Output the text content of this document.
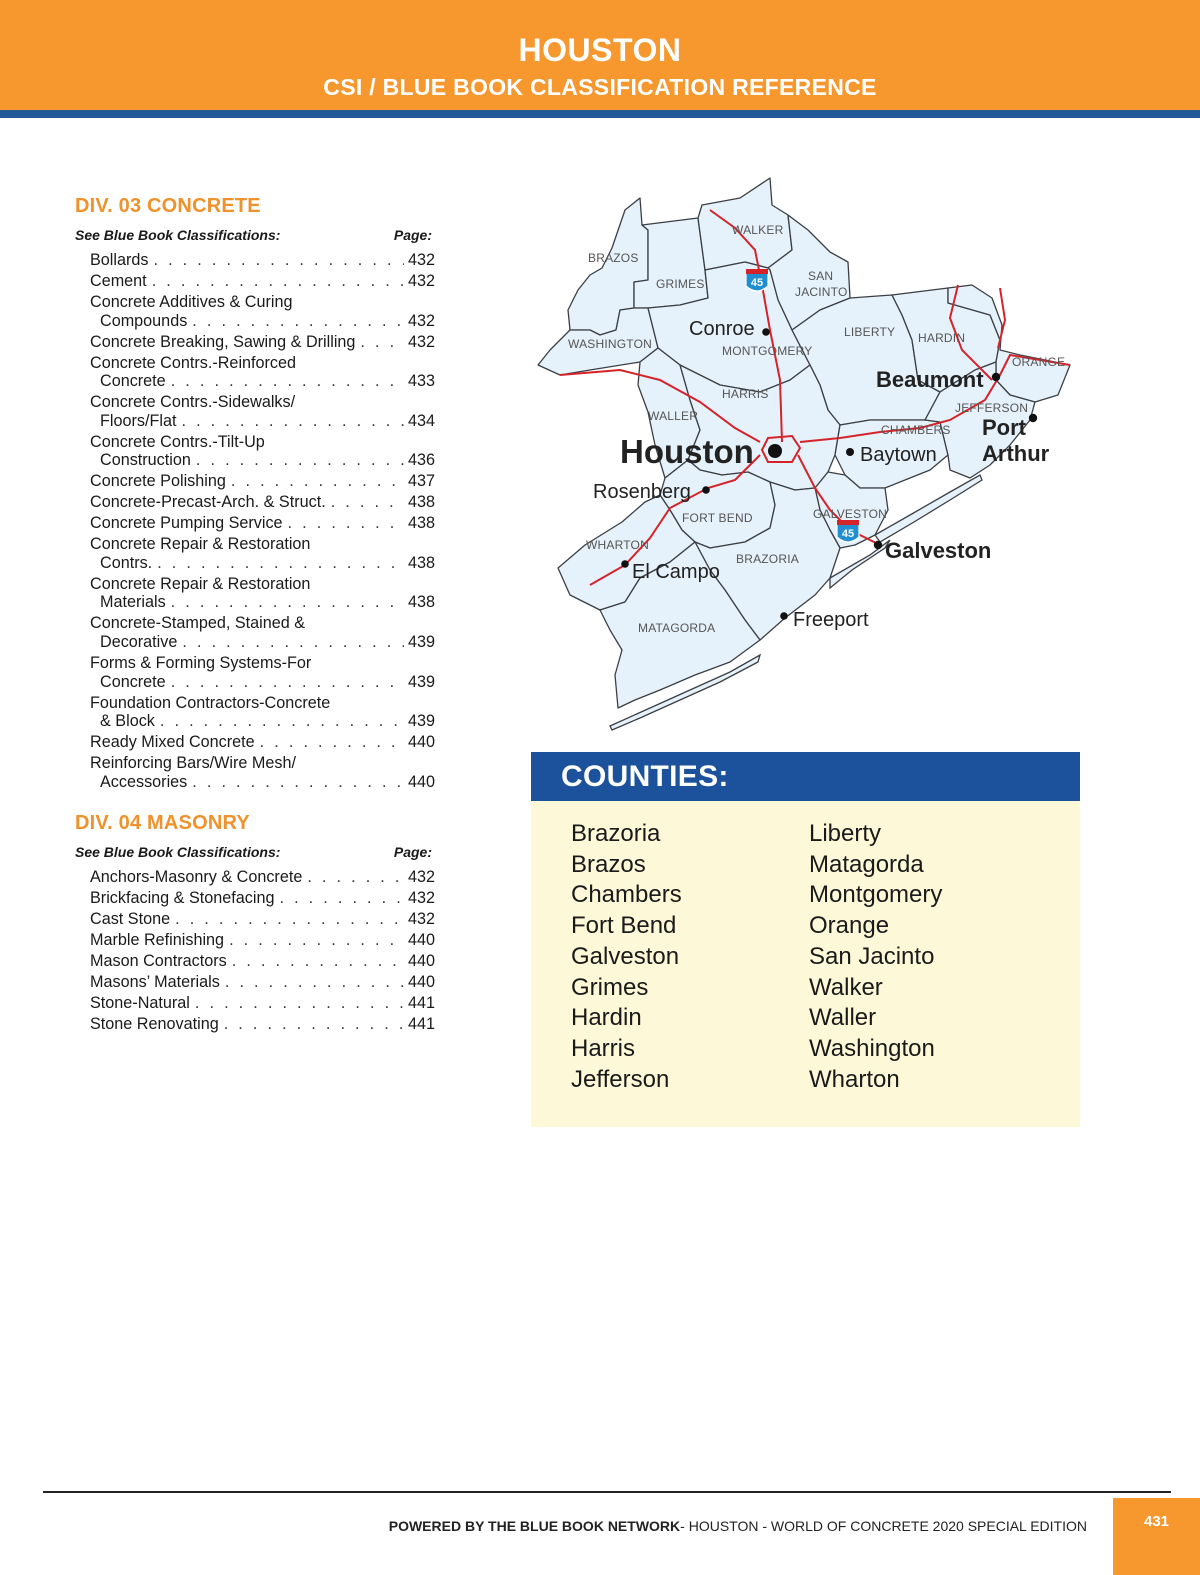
HOUSTON
CSI / BLUE BOOK CLASSIFICATION REFERENCE
DIV. 03 CONCRETE
See Blue Book Classifications:	Page:
Bollards . . .	432
Cement . . .	432
Concrete Additives & Curing
Compounds . . .	432
Concrete Breaking, Sawing & Drilling . . .	432
Concrete Contrs.-Reinforced
Concrete . . .	433
Concrete Contrs.-Sidewalks/
Floors/Flat . . .	434
Concrete Contrs.-Tilt-Up
Construction . . .	436
Concrete Polishing . . .	437
Concrete-Precast-Arch. & Struct. . . .	438
Concrete Pumping Service . . .	438
Concrete Repair & Restoration
Contrs. . . .	438
Concrete Repair & Restoration
Materials . . .	438
Concrete-Stamped, Stained &
Decorative . . .	439
Forms & Forming Systems-For
Concrete . . .	439
Foundation Contractors-Concrete
& Block . . .	439
Ready Mixed Concrete . . .	440
Reinforcing Bars/Wire Mesh/
Accessories . . .	440
DIV. 04 MASONRY
See Blue Book Classifications:	Page:
Anchors-Masonry & Concrete . . .	432
Brickfacing & Stonefacing . . .	432
Cast Stone . . .	432
Marble Refinishing . . .	440
Mason Contractors . . .	440
Masons’ Materials . . .	440
Stone-Natural . . .	441
Stone Renovating . . .	441
45
45
BRAZOS
GRIMES
WALKER
SAN
JACINTO
WASHINGTON	MONTGOMERY
LIBERTY HARDIN
ORANGE
HARRIS
WALLER
JEFFERSON
CHAMBERS
FORT BEND	GALVESTON
WHARTON
BRAZORIA
MATAGORDA
Conroe
Beaumont
Port
Arthur
Houston	Baytown
Rosenberg
Galveston
El Campo
Freeport
COUNTIES:
Brazoria
Brazos
Chambers
Fort Bend
Galveston
Grimes
Hardin
Harris
Jefferson
Liberty
Matagorda
Montgomery
Orange
San Jacinto
Walker
Waller
Washington
Wharton
POWERED BY THE BLUE BOOK NETWORK- HOUSTON - WORLD OF CONCRETE 2020 SPECIAL EDITION	431
